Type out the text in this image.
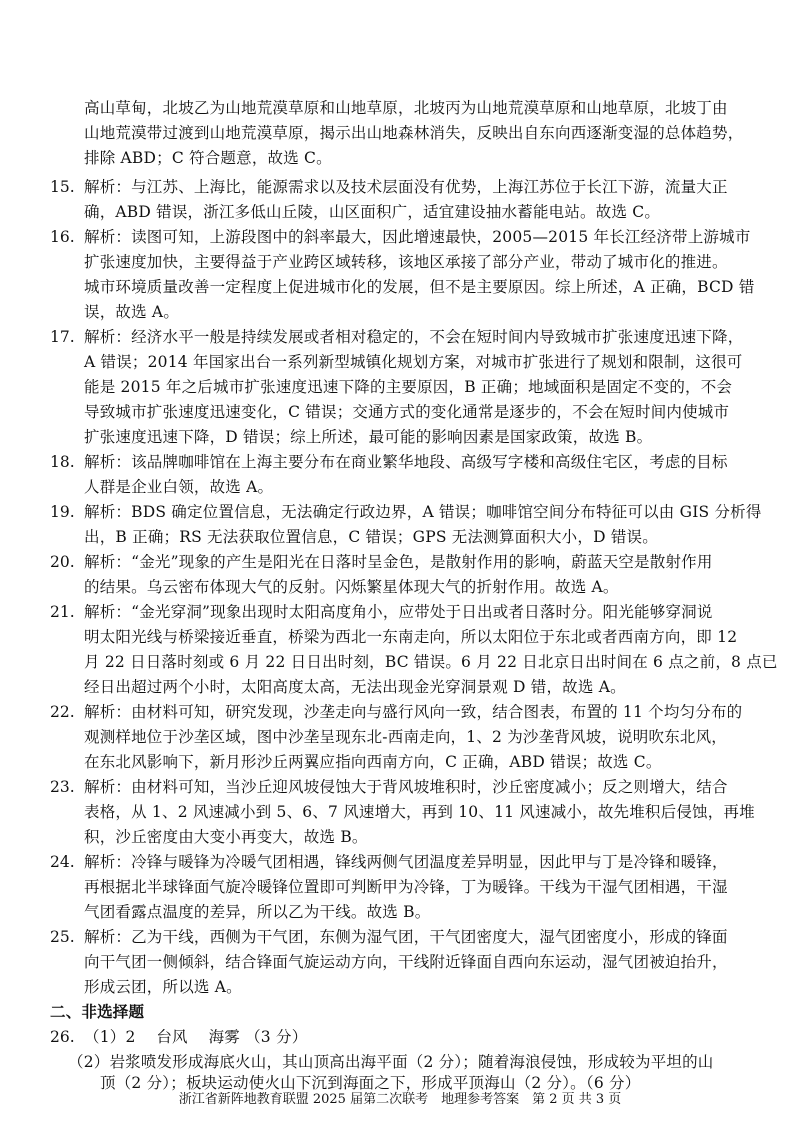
高山草甸，北坡乙为山地荒漠草原和山地草原，北坡丙为山地荒漠草原和山地草原，北坡丁由
山地荒漠带过渡到山地荒漠草原，揭示出山地森林消失，反映出自东向西逐渐变湿的总体趋势，
排除 ABD；C 符合题意，故选 C。
15. 解析：与江苏、上海比，能源需求以及技术层面没有优势，上海江苏位于长江下游，流量大正
确，ABD 错误，浙江多低山丘陵，山区面积广，适宜建设抽水蓄能电站。故选 C。
16. 解析：读图可知，上游段图中的斜率最大，因此增速最快，2005—2015 年长江经济带上游城市
扩张速度加快，主要得益于产业跨区域转移，该地区承接了部分产业，带动了城市化的推进。
城市环境质量改善一定程度上促进城市化的发展，但不是主要原因。综上所述，A 正确，BCD 错
误，故选 A。
17. 解析：经济水平一般是持续发展或者相对稳定的，不会在短时间内导致城市扩张速度迅速下降，
A 错误；2014 年国家出台一系列新型城镇化规划方案，对城市扩张进行了规划和限制，这很可
能是 2015 年之后城市扩张速度迅速下降的主要原因，B 正确；地域面积是固定不变的，不会
导致城市扩张速度迅速变化，C 错误；交通方式的变化通常是逐步的，不会在短时间内使城市
扩张速度迅速下降，D 错误；综上所述，最可能的影响因素是国家政策，故选 B。
18. 解析：该品牌咖啡馆在上海主要分布在商业繁华地段、高级写字楼和高级住宅区，考虑的目标
人群是企业白领，故选 A。
19. 解析：BDS 确定位置信息，无法确定行政边界，A 错误；咖啡馆空间分布特征可以由 GIS 分析得
出，B 正确；RS 无法获取位置信息，C 错误；GPS 无法测算面积大小，D 错误。
20. 解析：“金光”现象的产生是阳光在日落时呈金色，是散射作用的影响，蔚蓝天空是散射作用
的结果。乌云密布体现大气的反射。闪烁繁星体现大气的折射作用。故选 A。
21. 解析：“金光穿洞”现象出现时太阳高度角小，应带处于日出或者日落时分。阳光能够穿洞说
明太阳光线与桥梁接近垂直，桥梁为西北一东南走向，所以太阳位于东北或者西南方向，即 12
月 22 日日落时刻或 6 月 22 日日出时刻，BC 错误。6 月 22 日北京日出时间在 6 点之前，8 点已
经日出超过两个小时，太阳高度太高，无法出现金光穿洞景观 D 错，故选 A。
22. 解析：由材料可知，研究发现，沙垄走向与盛行风向一致，结合图表，布置的 11 个均匀分布的
观测样地位于沙垄区域，图中沙垄呈现东北-西南走向，1、2 为沙垄背风坡，说明吹东北风，
在东北风影响下，新月形沙丘两翼应指向西南方向，C 正确，ABD 错误；故选 C。
23. 解析：由材料可知，当沙丘迎风坡侵蚀大于背风坡堆积时，沙丘密度减小；反之则增大，结合
表格，从 1、2 风速减小到 5、6、7 风速增大，再到 10、11 风速减小，故先堆积后侵蚀，再堆
积，沙丘密度由大变小再变大，故选 B。
24. 解析：冷锋与暖锋为冷暖气团相遇，锋线两侧气团温度差异明显，因此甲与丁是冷锋和暖锋，
再根据北半球锋面气旋冷暖锋位置即可判断甲为冷锋，丁为暖锋。干线为干湿气团相遇，干湿
气团看露点温度的差异，所以乙为干线。故选 B。
25. 解析：乙为干线，西侧为干气团，东侧为湿气团，干气团密度大，湿气团密度小，形成的锋面
向干气团一侧倾斜，结合锋面气旋运动方向，干线附近锋面自西向东运动，湿气团被迫抬升，
形成云团，所以选 A。
二、非选择题
26. （1）2　 台风　 海雾 （3 分）
浙江省新阵地教育联盟 2025 届第二次联考　地理参考答案　第 2 页 共 3 页
（2）岩浆喷发形成海底火山，其山顶高出海平面（2 分）；随着海浪侵蚀，形成较为平坦的山
顶（2 分）；板块运动使火山下沉到海面之下，形成平顶海山（2 分）。（6 分）
